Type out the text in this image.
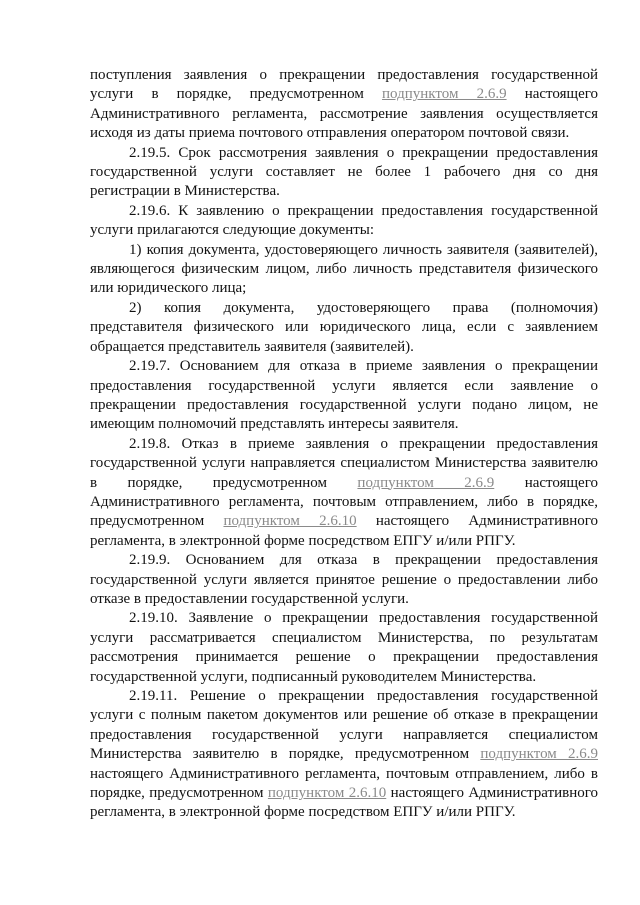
поступления заявления о прекращении предоставления государственной услуги в порядке, предусмотренном подпунктом 2.6.9 настоящего Административного регламента, рассмотрение заявления осуществляется исходя из даты приема почтового отправления оператором почтовой связи.

2.19.5. Срок рассмотрения заявления о прекращении предоставления государственной услуги составляет не более 1 рабочего дня со дня регистрации в Министерства.

2.19.6. К заявлению о прекращении предоставления государственной услуги прилагаются следующие документы:

1) копия документа, удостоверяющего личность заявителя (заявителей), являющегося физическим лицом, либо личность представителя физического или юридического лица;

2) копия документа, удостоверяющего права (полномочия) представителя физического или юридического лица, если с заявлением обращается представитель заявителя (заявителей).

2.19.7. Основанием для отказа в приеме заявления о прекращении предоставления государственной услуги является если заявление о прекращении предоставления государственной услуги подано лицом, не имеющим полномочий представлять интересы заявителя.

2.19.8. Отказ в приеме заявления о прекращении предоставления государственной услуги направляется специалистом Министерства заявителю в порядке, предусмотренном подпунктом 2.6.9 настоящего Административного регламента, почтовым отправлением, либо в порядке, предусмотренном подпунктом 2.6.10 настоящего Административного регламента, в электронной форме посредством ЕПГУ и/или РПГУ.

2.19.9. Основанием для отказа в прекращении предоставления государственной услуги является принятое решение о предоставлении либо отказе в предоставлении государственной услуги.

2.19.10. Заявление о прекращении предоставления государственной услуги рассматривается специалистом Министерства, по результатам рассмотрения принимается решение о прекращении предоставления государственной услуги, подписанный руководителем Министерства.

2.19.11. Решение о прекращении предоставления государственной услуги с полным пакетом документов или решение об отказе в прекращении предоставления государственной услуги направляется специалистом Министерства заявителю в порядке, предусмотренном подпунктом 2.6.9 настоящего Административного регламента, почтовым отправлением, либо в порядке, предусмотренном подпунктом 2.6.10 настоящего Административного регламента, в электронной форме посредством ЕПГУ и/или РПГУ.
